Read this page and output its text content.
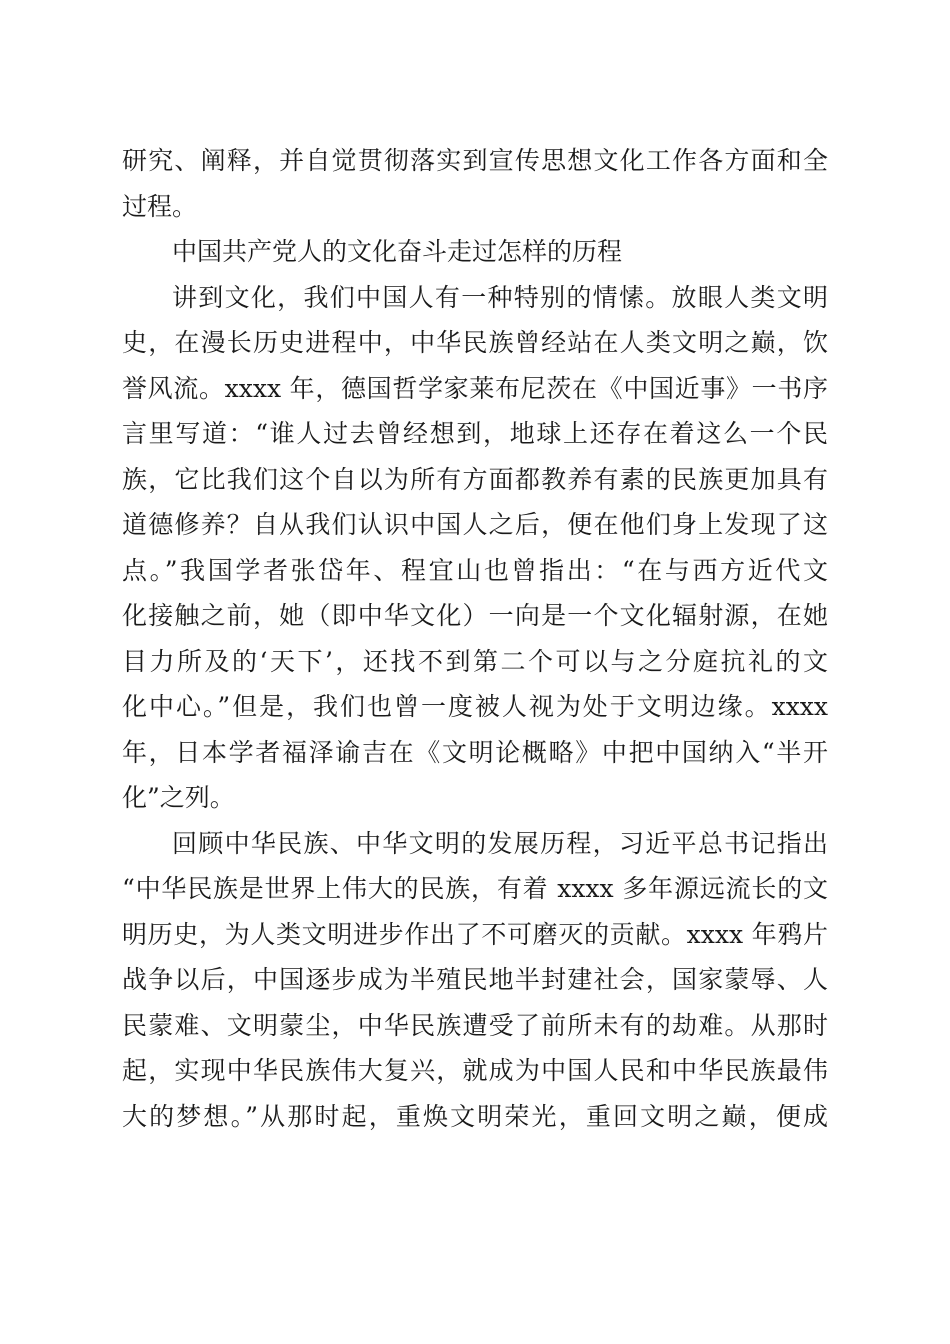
研究、阐释，并自觉贯彻落实到宣传思想文化工作各方面和全
过程。
中国共产党人的文化奋斗走过怎样的历程
讲到文化，我们中国人有一种特别的情愫。放眼人类文明
史，在漫长历史进程中，中华民族曾经站在人类文明之巅，饮
誉风流。xxxx 年，德国哲学家莱布尼茨在《中国近事》一书序
言里写道：“谁人过去曾经想到，地球上还存在着这么一个民
族，它比我们这个自以为所有方面都教养有素的民族更加具有
道德修养？自从我们认识中国人之后，便在他们身上发现了这
点。”我国学者张岱年、程宜山也曾指出：“在与西方近代文
化接触之前，她（即中华文化）一向是一个文化辐射源，在她
目力所及的‘天下’，还找不到第二个可以与之分庭抗礼的文
化中心。”但是，我们也曾一度被人视为处于文明边缘。xxxx
年，日本学者福泽谕吉在《文明论概略》中把中国纳入“半开
化”之列。
回顾中华民族、中华文明的发展历程，习近平总书记指出
“中华民族是世界上伟大的民族，有着 xxxx 多年源远流长的文
明历史，为人类文明进步作出了不可磨灭的贡献。xxxx 年鸦片
战争以后，中国逐步成为半殖民地半封建社会，国家蒙辱、人
民蒙难、文明蒙尘，中华民族遭受了前所未有的劫难。从那时
起，实现中华民族伟大复兴，就成为中国人民和中华民族最伟
大的梦想。”从那时起，重焕文明荣光，重回文明之巅，便成
